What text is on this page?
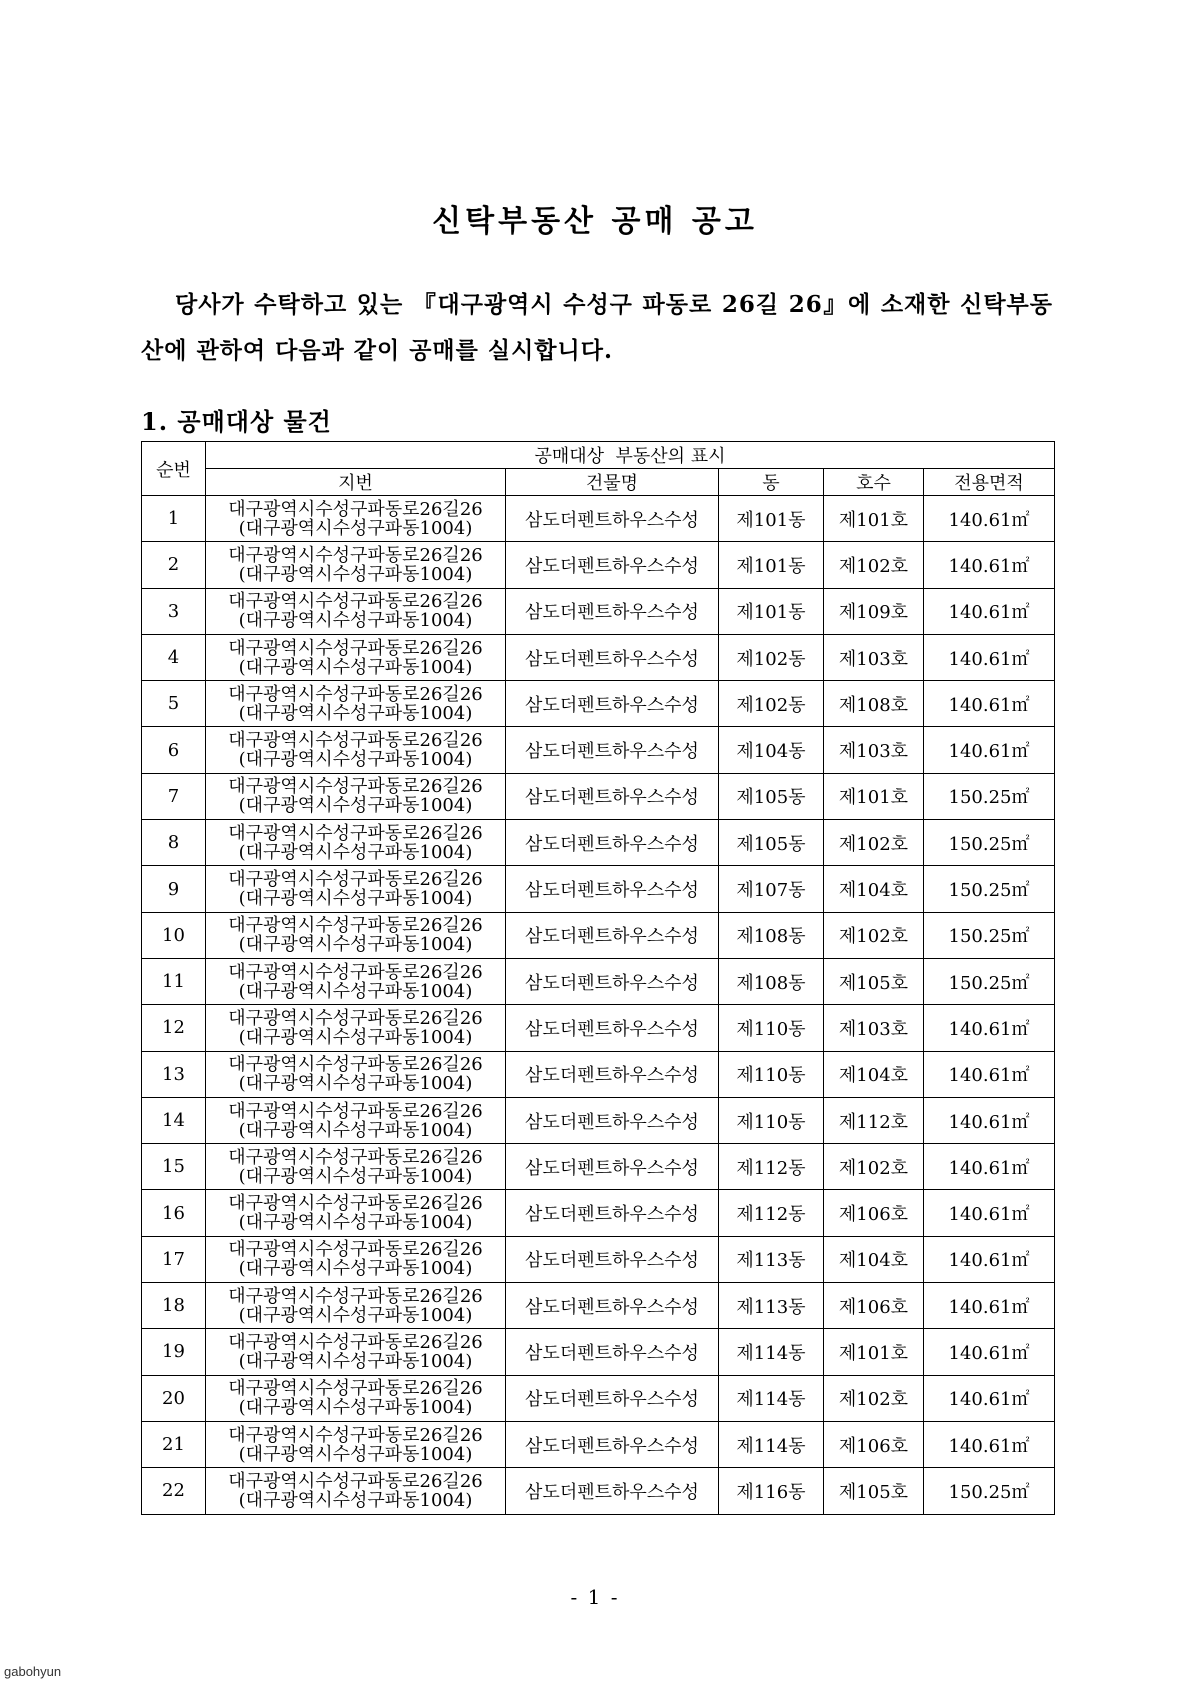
신탁부동산 공매 공고
당사가 수탁하고 있는 『대구광역시 수성구 파동로 26길 26』에 소재한 신탁부동산에 관하여 다음과 같이 공매를 실시합니다.
1. 공매대상 물건
순번	공매대상  부동산의 표시				
	지번	건물명	동	호수	전용면적
1	대구광역시수성구파동로26길26
(대구광역시수성구파동1004)	삼도더펜트하우스수성	제101동	제101호	140.61㎡
2	대구광역시수성구파동로26길26
(대구광역시수성구파동1004)	삼도더펜트하우스수성	제101동	제102호	140.61㎡
3	대구광역시수성구파동로26길26
(대구광역시수성구파동1004)	삼도더펜트하우스수성	제101동	제109호	140.61㎡
4	대구광역시수성구파동로26길26
(대구광역시수성구파동1004)	삼도더펜트하우스수성	제102동	제103호	140.61㎡
5	대구광역시수성구파동로26길26
(대구광역시수성구파동1004)	삼도더펜트하우스수성	제102동	제108호	140.61㎡
6	대구광역시수성구파동로26길26
(대구광역시수성구파동1004)	삼도더펜트하우스수성	제104동	제103호	140.61㎡
7	대구광역시수성구파동로26길26
(대구광역시수성구파동1004)	삼도더펜트하우스수성	제105동	제101호	150.25㎡
8	대구광역시수성구파동로26길26
(대구광역시수성구파동1004)	삼도더펜트하우스수성	제105동	제102호	150.25㎡
9	대구광역시수성구파동로26길26
(대구광역시수성구파동1004)	삼도더펜트하우스수성	제107동	제104호	150.25㎡
10	대구광역시수성구파동로26길26
(대구광역시수성구파동1004)	삼도더펜트하우스수성	제108동	제102호	150.25㎡
11	대구광역시수성구파동로26길26
(대구광역시수성구파동1004)	삼도더펜트하우스수성	제108동	제105호	150.25㎡
12	대구광역시수성구파동로26길26
(대구광역시수성구파동1004)	삼도더펜트하우스수성	제110동	제103호	140.61㎡
13	대구광역시수성구파동로26길26
(대구광역시수성구파동1004)	삼도더펜트하우스수성	제110동	제104호	140.61㎡
14	대구광역시수성구파동로26길26
(대구광역시수성구파동1004)	삼도더펜트하우스수성	제110동	제112호	140.61㎡
15	대구광역시수성구파동로26길26
(대구광역시수성구파동1004)	삼도더펜트하우스수성	제112동	제102호	140.61㎡
16	대구광역시수성구파동로26길26
(대구광역시수성구파동1004)	삼도더펜트하우스수성	제112동	제106호	140.61㎡
17	대구광역시수성구파동로26길26
(대구광역시수성구파동1004)	삼도더펜트하우스수성	제113동	제104호	140.61㎡
18	대구광역시수성구파동로26길26
(대구광역시수성구파동1004)	삼도더펜트하우스수성	제113동	제106호	140.61㎡
19	대구광역시수성구파동로26길26
(대구광역시수성구파동1004)	삼도더펜트하우스수성	제114동	제101호	140.61㎡
20	대구광역시수성구파동로26길26
(대구광역시수성구파동1004)	삼도더펜트하우스수성	제114동	제102호	140.61㎡
21	대구광역시수성구파동로26길26
(대구광역시수성구파동1004)	삼도더펜트하우스수성	제114동	제106호	140.61㎡
22	대구광역시수성구파동로26길26
(대구광역시수성구파동1004)	삼도더펜트하우스수성	제116동	제105호	150.25㎡
- 1 -
gabohyun
